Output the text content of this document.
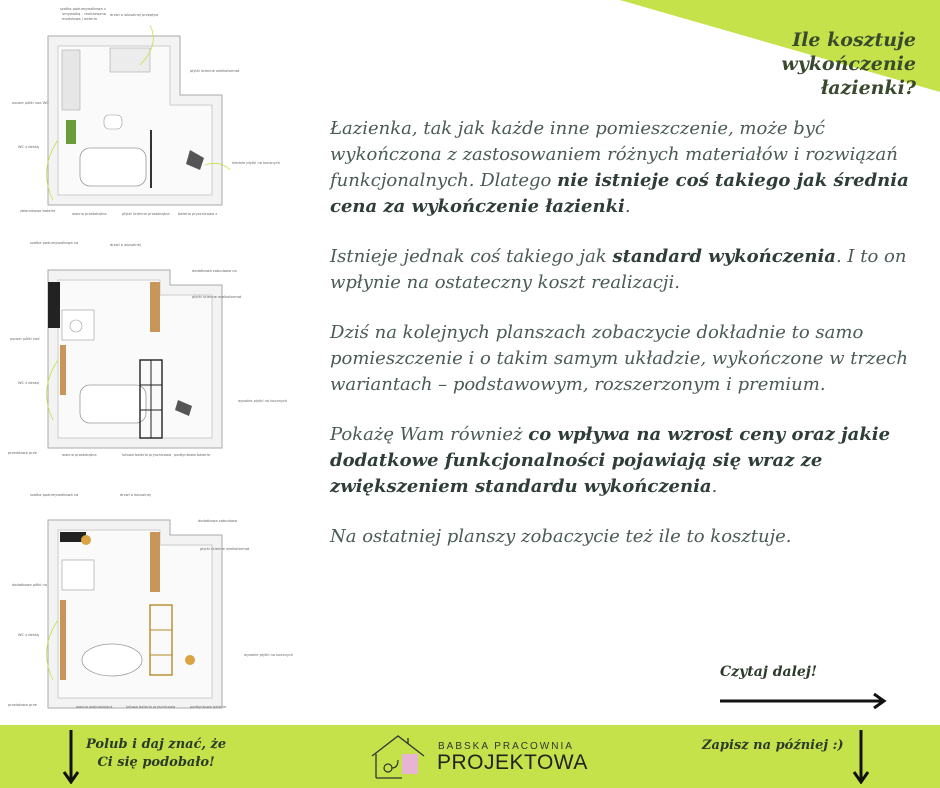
szafka podumywalkowa z
umywalką – realizowana
modułowa / bateria
drzwi o wizualnej przepływ
płytki ścienne wielkoformat
oscaer półki nad WC
WC z deską
średnie płytki na bocznych
zbiornikowe baterie
wanna prostokątna	płytki ścienne prostokątne bateria prysznicowa z
szafka podumywalkowa na	drzwi o wizualnej
dodatkowa zabudowa na
płytki ścienne wielkoformat
oscaer półki nad
WC z deską
wysokie płytki na bocznych
przelotowa prze	wanna prostokątna	lufowa bateria prysznicowa podtynkowa bateria
szafka podumywalkowa na	drzwi o wizualnej
dodatkowa zabudowa
płytki ścienne wielkoformat
dodatkowe półki na
WC z deską
wysokie płytki na bocznych
przelotowa prze	wanna wolnostojąca	lufowa bateria prysznicowa	podtynkowa bateria
Ile kosztuje
wykończenie łazienki?

Łazienka, tak jak każde inne pomieszczenie, może być wykończona z zastosowaniem różnych materiałów i rozwiązań funkcjonalnych. Dlatego nie istnieje coś takiego jak średnia cena za wykończenie łazienki.

Istnieje jednak coś takiego jak standard wykończenia. I to on wpłynie na ostateczny koszt realizacji.

Dziś na kolejnych planszach zobaczycie dokładnie to samo pomieszczenie i o takim samym układzie, wykończone w trzech wariantach – podstawowym, rozszerzonym i premium.

Pokażę Wam również co wpływa na wzrost ceny oraz jakie dodatkowe funkcjonalności pojawiają się wraz ze zwiększeniem standardu wykończenia.

Na ostatniej planszy zobaczycie też ile to kosztuje.

Czytaj dalej!
Polub i daj znać, że
Ci się podobało!
Zapisz na później :)
BABSKA PRACOWNIA
PROJEKTOWA
